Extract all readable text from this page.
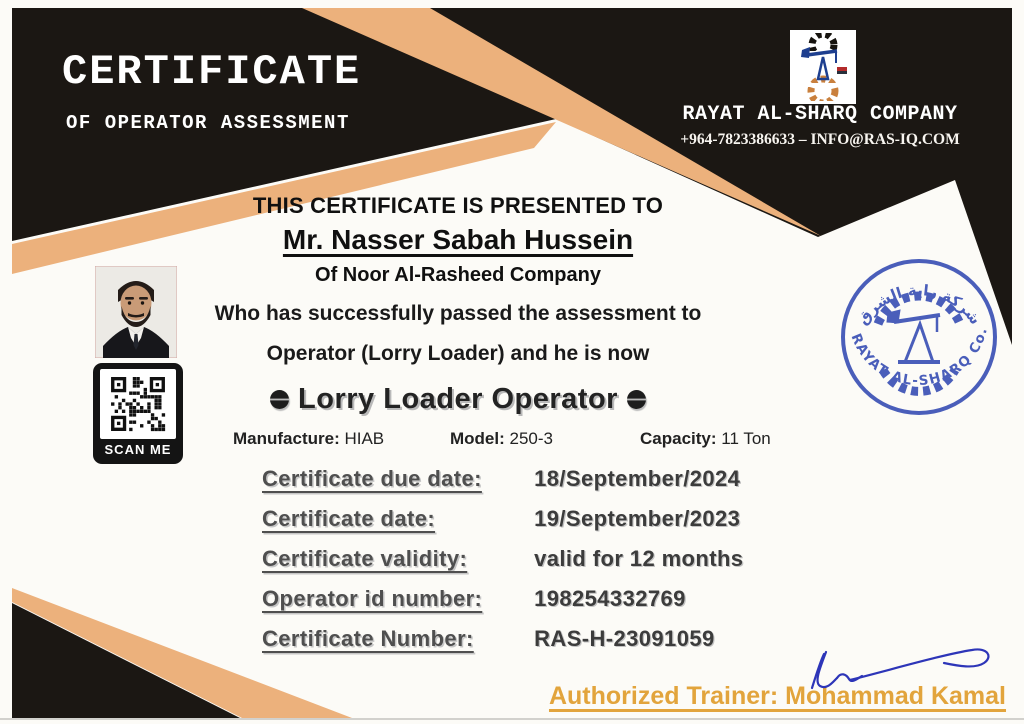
CERTIFICATE
OF OPERATOR ASSESSMENT	RAYAT AL-SHARQ COMPANY
+964-7823386633 – INFO@RAS-IQ.COM
THIS CERTIFICATE IS PRESENTED TO
Mr. Nasser Sabah Hussein
Of Noor Al-Rasheed Company
Who has successfully passed the assessment to
Operator (Lorry Loader) and he is now
Lorry Loader Operator
Manufacture: HIAB	Model: 250-3	Capacity: 11 Ton
Certificate due date: 18/September/2024
Certificate date:	19/September/2023
Certificate validity:	valid for 12 months
Operator id number: 198254332769
Certificate Number:	RAS-H-23091059
SCAN ME
شركة راية الشرق
RAYAT AL-SHARQ Co.
Authorized Trainer: Mohammad Kamal
